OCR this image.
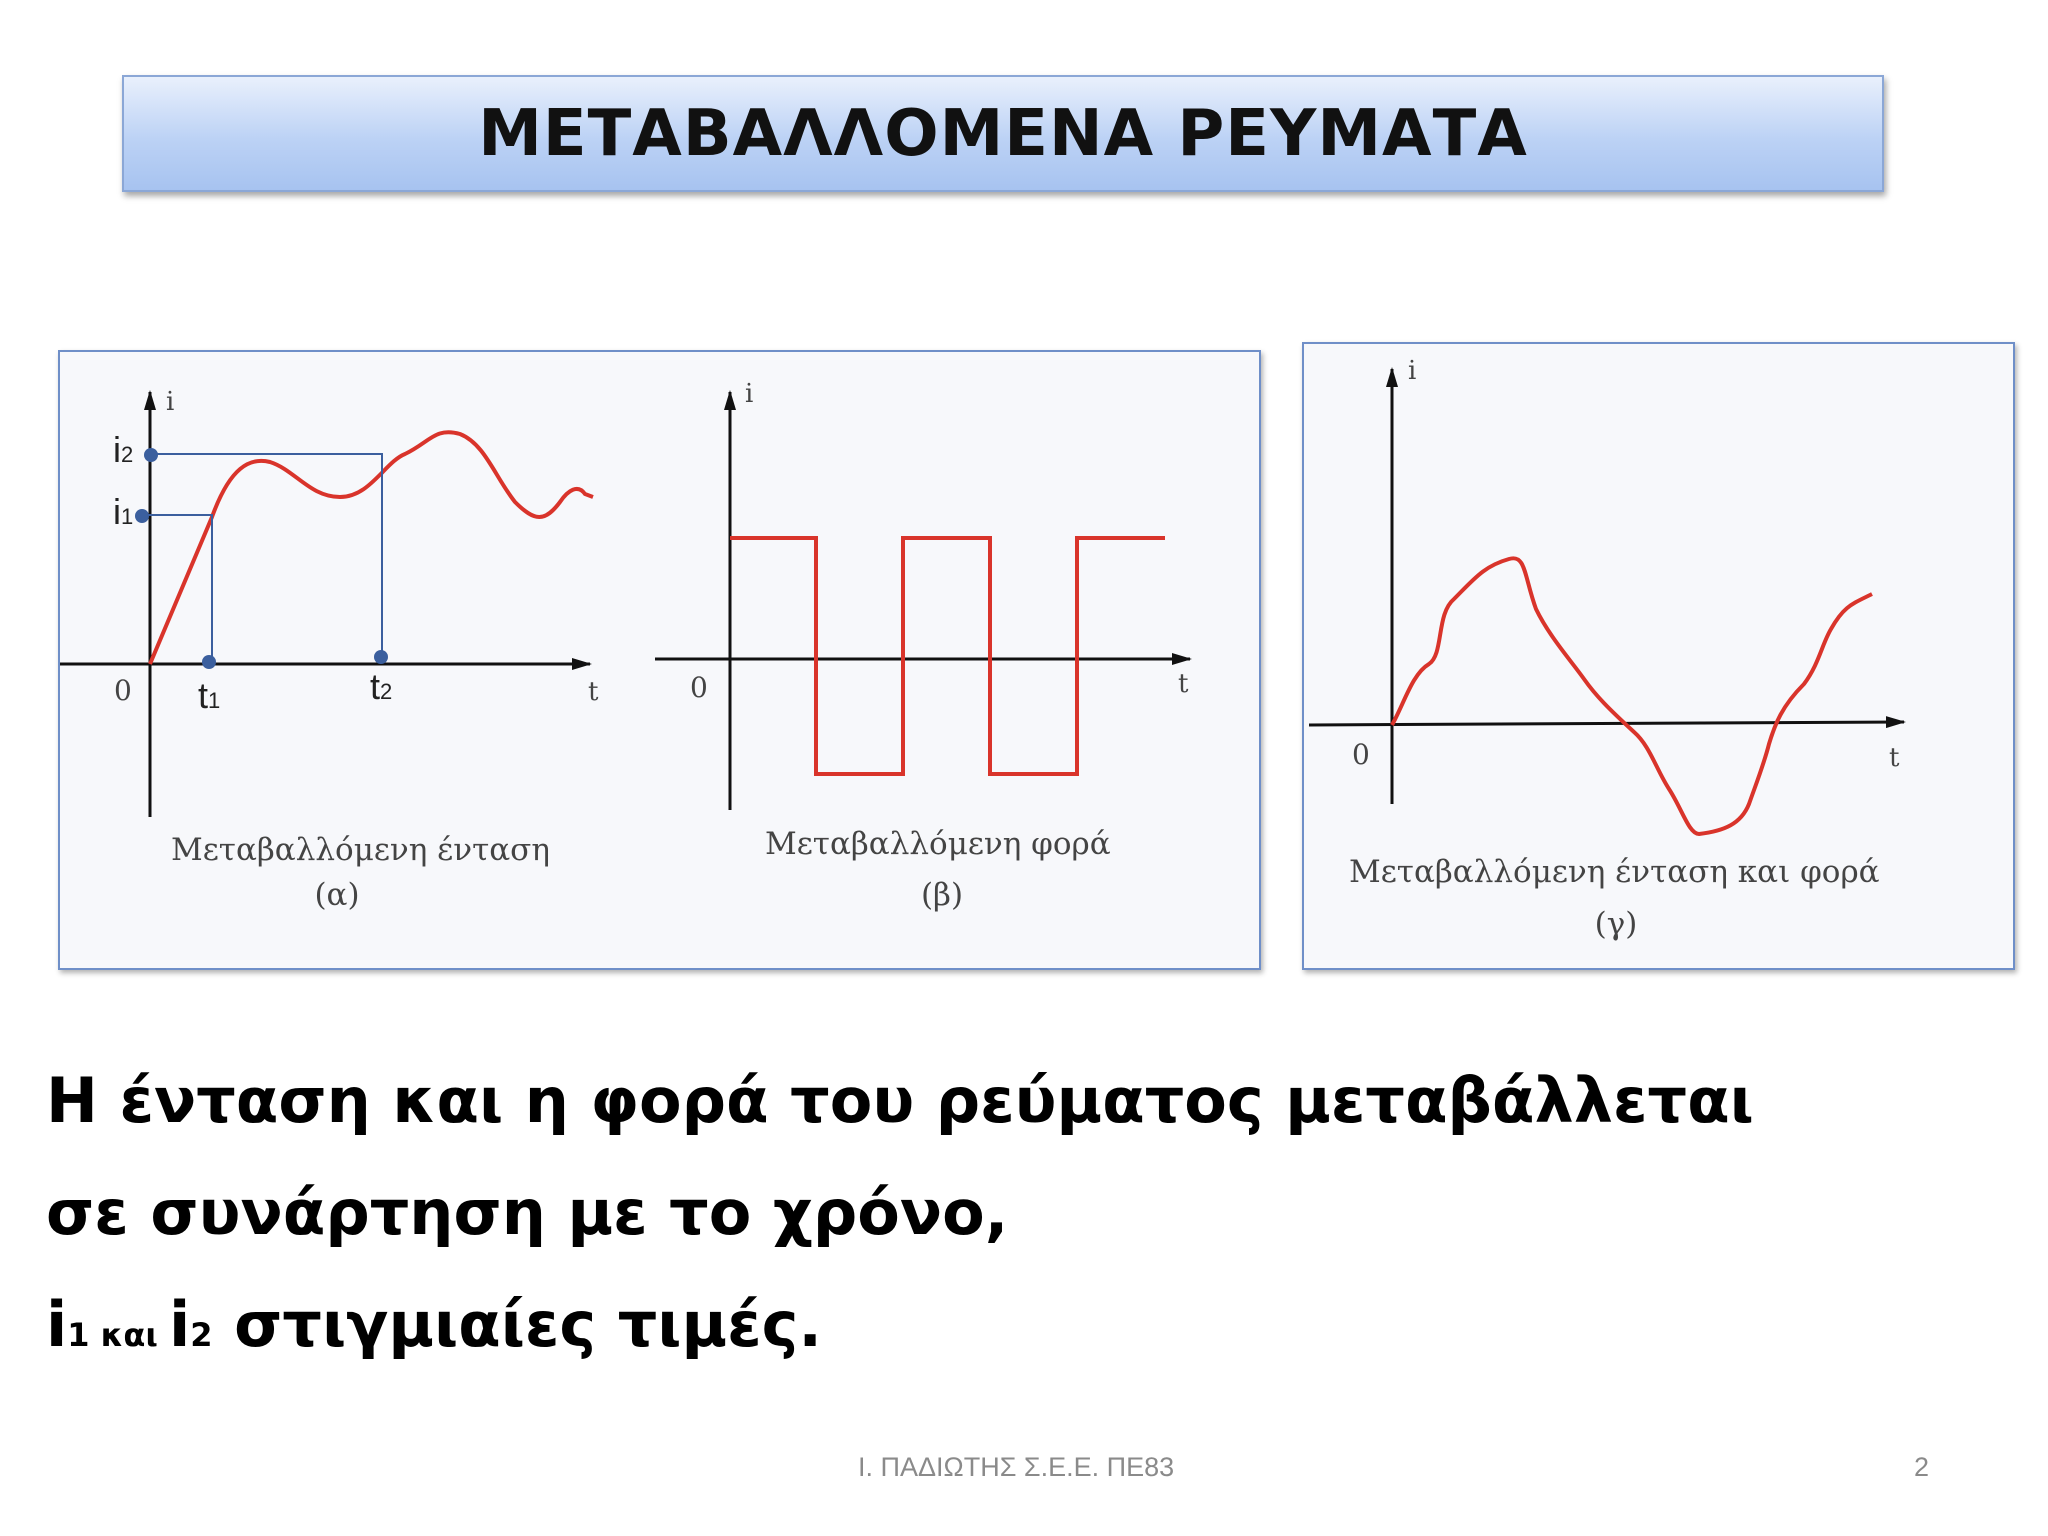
ΜΕΤΑΒΑΛΛΟΜΕΝΑ ΡΕΥΜΑΤΑ
i
t
0
i2
i1
t1	t2
Μεταβαλλόμενη ένταση
(α)
i
t
0
Μεταβαλλόμενη φορά
(β)
i
t
0
Μεταβαλλόμενη ένταση και φορά
(γ)
Η ένταση και η φορά του ρεύματος μεταβάλλεται
σε συνάρτηση με το χρόνο,
i1 και i2 στιγμιαίες τιμές.
Ι. ΠΑΔΙΩΤΗΣ Σ.Ε.Ε. ΠΕ83	2
